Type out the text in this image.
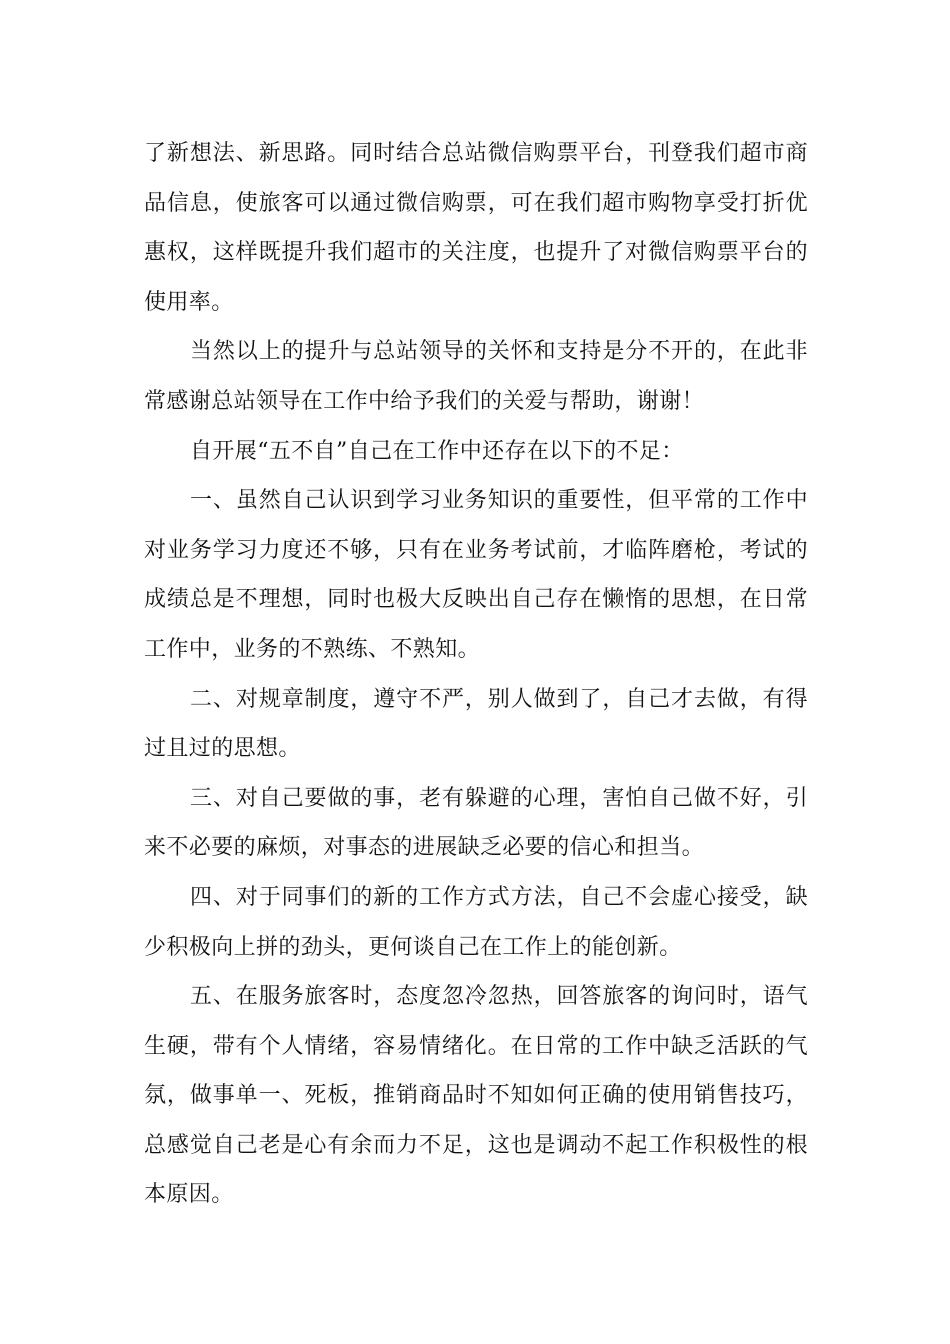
了新想法、新思路。同时结合总站微信购票平台，刊登我们超市商品信息，使旅客可以通过微信购票，可在我们超市购物享受打折优惠权，这样既提升我们超市的关注度，也提升了对微信购票平台的使用率。

当然以上的提升与总站领导的关怀和支持是分不开的，在此非常感谢总站领导在工作中给予我们的关爱与帮助，谢谢！

自开展“五不自”自己在工作中还存在以下的不足：

一、虽然自己认识到学习业务知识的重要性，但平常的工作中对业务学习力度还不够，只有在业务考试前，才临阵磨枪，考试的成绩总是不理想，同时也极大反映出自己存在懒惰的思想，在日常工作中，业务的不熟练、不熟知。

二、对规章制度，遵守不严，别人做到了，自己才去做，有得过且过的思想。

三、对自己要做的事，老有躲避的心理，害怕自己做不好，引来不必要的麻烦，对事态的进展缺乏必要的信心和担当。

四、对于同事们的新的工作方式方法，自己不会虚心接受，缺少积极向上拼的劲头，更何谈自己在工作上的能创新。

五、在服务旅客时，态度忽冷忽热，回答旅客的询问时，语气生硬，带有个人情绪，容易情绪化。在日常的工作中缺乏活跃的气氛，做事单一、死板，推销商品时不知如何正确的使用销售技巧，总感觉自己老是心有余而力不足，这也是调动不起工作积极性的根本原因。
